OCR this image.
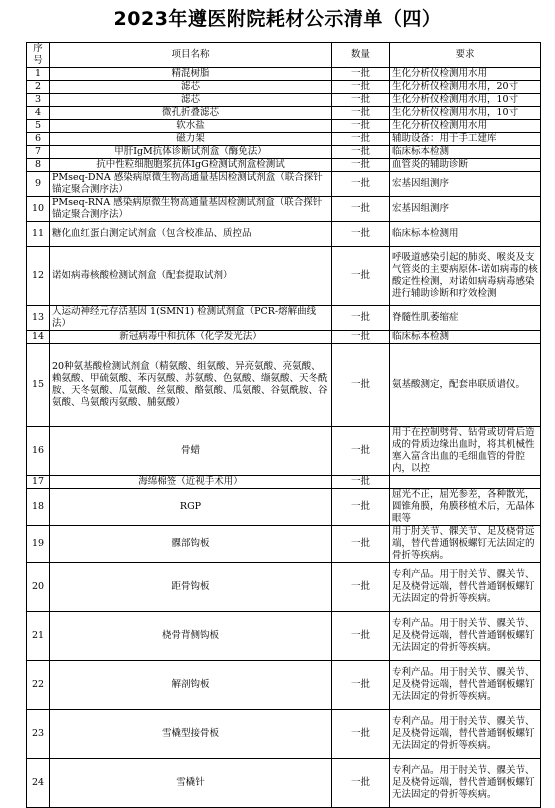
2023年遵医附院耗材公示清单（四）
序号	项目名称	数量	要求
1	精混树脂	一批	生化分析仪检测用水用
2	滤芯	一批	生化分析仪检测用水用，20寸
3	滤芯	一批	生化分析仪检测用水用，10寸
4	微孔折叠滤芯	一批	生化分析仪检测用水用，10寸
5	软水盐	一批	生化分析仪检测用水用
6	磁力架	一批	辅助设备：用于手工建库
7	甲肝IgM抗体诊断试剂盒（酶免法）	一批	临床标本检测
8	抗中性粒细胞胞浆抗体IgG检测试剂盒检测试	一批	血管炎的辅助诊断
9	PMseq-DNA 感染病原微生物高通量基因检测试剂盒（联合探针锚定聚合测序法）	一批	宏基因组测序
10	PMseq-RNA 感染病原微生物高通量基因检测试剂盒（联合探针锚定聚合测序法）	一批	宏基因组测序
11	糖化血红蛋白测定试剂盒（包含校准品、质控品	一批	临床标本检测用
12	诺如病毒核酸检测试剂盒（配套提取试剂）	一批	呼吸道感染引起的肺炎、喉炎及支气管炎的主要病原体-诺如病毒的核酸定性检测，对诺如病毒病毒感染进行辅助诊断和疗效检测
13	人运动神经元存活基因 1(SMN1) 检测试剂盒（PCR-熔解曲线法）	一批	脊髓性肌萎缩症
14	新冠病毒中和抗体（化学发光法）	一批	临床标本检测
15	20种氨基酸检测试剂盒（精氨酸、组氨酸、异亮氨酸、亮氨酸、赖氨酸、甲硫氨酸、苯丙氨酸、苏氨酸、色氨酸、缬氨酸、天冬酰胺、天冬氨酸、瓜氨酸、丝氨酸、酪氨酸、瓜氨酸、谷氨酰胺、谷氨酸、鸟氨酸丙氨酸、脯氨酸）	一批	氨基酸测定，配套串联质谱仪。
16	骨蜡	一批	用于在控制劈骨、钻骨或切骨后造成的骨质边缘出血时，将其机械性塞入富含出血的毛细血管的骨腔内，以控
17	海绵棉签（近视手术用）	一批	
18	RGP	一批	屈光不正，屈光参差，各种散光，圆锥角膜，角膜移植术后，无晶体眼等
19	髁部钩板	一批	用于肘关节、髁关节、足及桡骨远端，替代普通钢板螺钉无法固定的骨折等疾病。
20	距骨钩板	一批	专利产品。用于肘关节、髁关节、足及桡骨远端，替代普通钢板螺钉无法固定的骨折等疾病。
21	桡骨背侧钩板	一批	专利产品。用于肘关节、髁关节、足及桡骨远端，替代普通钢板螺钉无法固定的骨折等疾病。
22	解剖钩板	一批	专利产品。用于肘关节、髁关节、足及桡骨远端，替代普通钢板螺钉无法固定的骨折等疾病。
23	雪橇型接骨板	一批	专利产品。用于肘关节、髁关节、足及桡骨远端，替代普通钢板螺钉无法固定的骨折等疾病。
24	雪橇针	一批	专利产品。用于肘关节、髁关节、足及桡骨远端，替代普通钢板螺钉无法固定的骨折等疾病。
